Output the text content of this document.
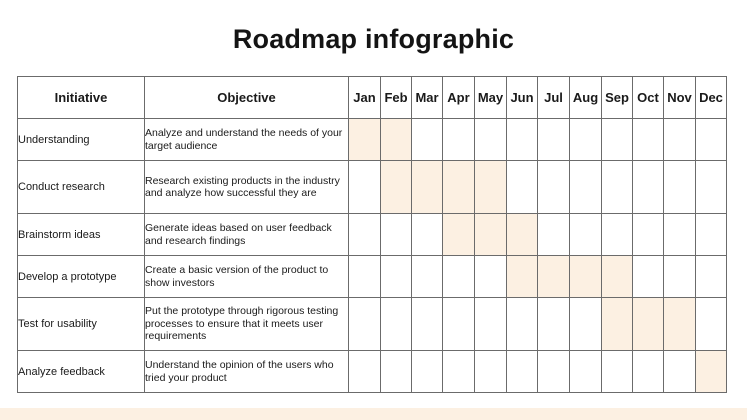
Roadmap infographic
Initiative	Objective	Jan	Feb	Mar	Apr	May	Jun	Jul	Aug	Sep	Oct	Nov	Dec
Understanding	Analyze and understand the needs of your target audience												
Conduct research	Research existing products in the industry and analyze how successful they are												
Brainstorm ideas	Generate ideas based on user feedback and research findings												
Develop a prototype	Create a basic version of the product to show investors												
Test for usability	Put the prototype through rigorous testing processes to ensure that it meets user requirements												
Analyze feedback	Understand the opinion of the users who tried your product												
